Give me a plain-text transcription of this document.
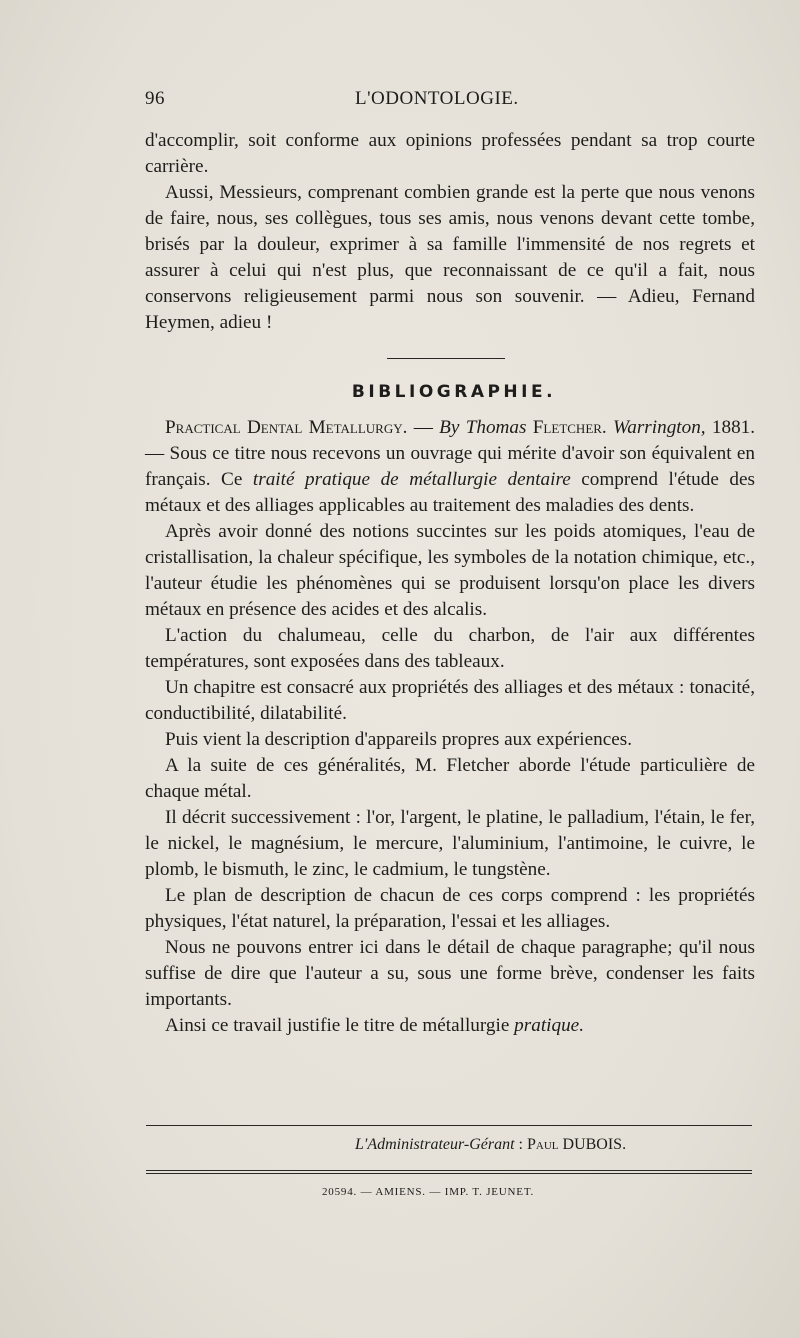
96	L'ODONTOLOGIE.

d'accomplir, soit conforme aux opinions professées pendant sa trop courte carrière.

Aussi, Messieurs, comprenant combien grande est la perte que nous venons de faire, nous, ses collègues, tous ses amis, nous venons devant cette tombe, brisés par la douleur, exprimer à sa famille l'immensité de nos regrets et assurer à celui qui n'est plus, que reconnaissant de ce qu'il a fait, nous conservons religieusement parmi nous son souvenir. — Adieu, Fernand Heymen, adieu !

BIBLIOGRAPHIE.

Practical Dental Metallurgy. — By Thomas Fletcher. Warrington, 1881. — Sous ce titre nous recevons un ouvrage qui mérite d'avoir son équivalent en français. Ce traité pratique de métallurgie dentaire comprend l'étude des métaux et des alliages applicables au traitement des maladies des dents.

Après avoir donné des notions succintes sur les poids atomiques, l'eau de cristallisation, la chaleur spécifique, les symboles de la notation chimique, etc., l'auteur étudie les phénomènes qui se produisent lorsqu'on place les divers métaux en présence des acides et des alcalis.

L'action du chalumeau, celle du charbon, de l'air aux différentes températures, sont exposées dans des tableaux.

Un chapitre est consacré aux propriétés des alliages et des métaux : tonacité, conductibilité, dilatabilité.

Puis vient la description d'appareils propres aux expériences.

A la suite de ces généralités, M. Fletcher aborde l'étude particulière de chaque métal.

Il décrit successivement : l'or, l'argent, le platine, le palladium, l'étain, le fer, le nickel, le magnésium, le mercure, l'aluminium, l'antimoine, le cuivre, le plomb, le bismuth, le zinc, le cadmium, le tungstène.

Le plan de description de chacun de ces corps comprend : les propriétés physiques, l'état naturel, la préparation, l'essai et les alliages.

Nous ne pouvons entrer ici dans le détail de chaque paragraphe; qu'il nous suffise de dire que l'auteur a su, sous une forme brève, condenser les faits importants.

Ainsi ce travail justifie le titre de métallurgie pratique.

L'Administrateur-Gérant : Paul DUBOIS.
20594. — AMIENS. — IMP. T. JEUNET.
